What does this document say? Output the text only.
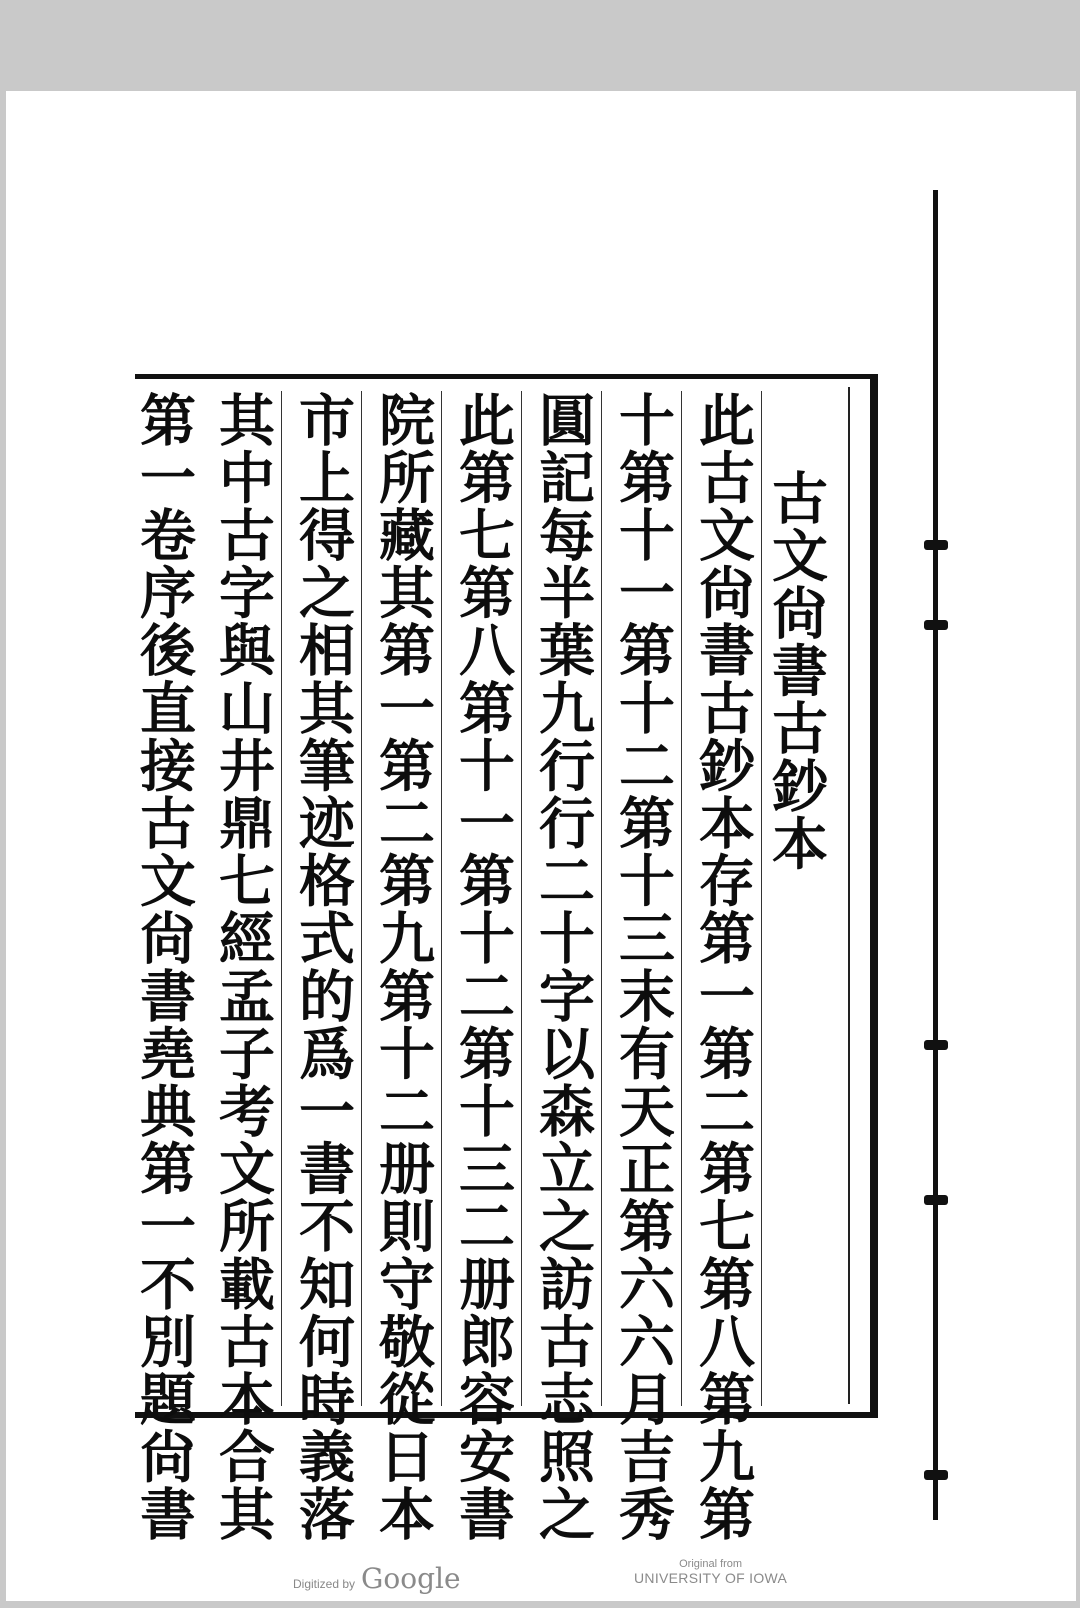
古文尙書古鈔本
此古文尙書古鈔本存第一第二第七第八第九第
十第十一第十二第十三末有天正第六六月吉秀
圓記每半葉九行行二十字以森立之訪古志照之
此第七第八第十一第十二第十三二册郎容安書
院所藏其第一第二第九第十二册則守敬從日本
市上得之相其筆迹格式的爲一書不知何時義落
其中古字與山井鼎七經孟子考文所載古本合其
第一卷序後直接古文尙書堯典第一不別題尙書
Digitized by Google	Original from
UNIVERSITY OF IOWA
